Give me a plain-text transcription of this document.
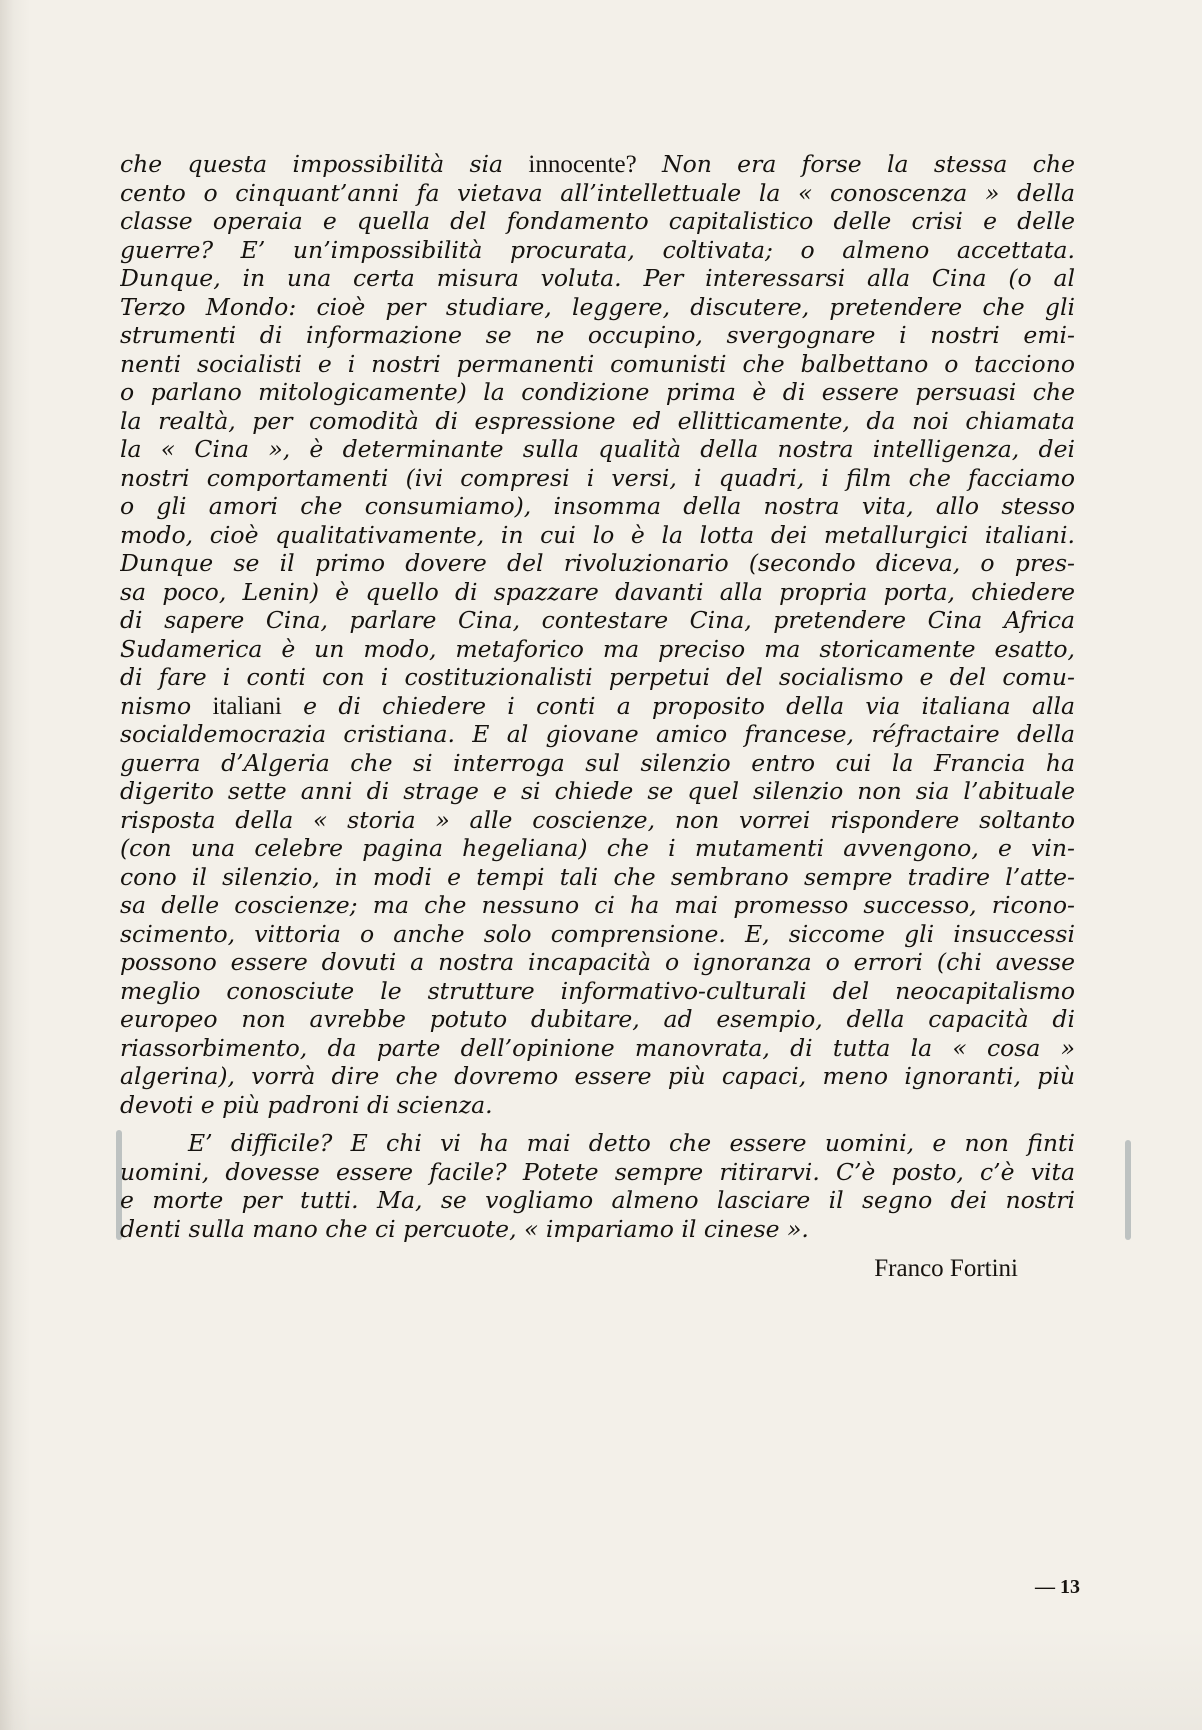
che questa impossibilità sia innocente? Non era forse la stessa che
cento o cinquant’anni fa vietava all’intellettuale la « conoscenza » della
classe operaia e quella del fondamento capitalistico delle crisi e delle
guerre? E’ un’impossibilità procurata, coltivata; o almeno accettata.
Dunque, in una certa misura voluta. Per interessarsi alla Cina (o al
Terzo Mondo: cioè per studiare, leggere, discutere, pretendere che gli
strumenti di informazione se ne occupino, svergognare i nostri emi-
nenti socialisti e i nostri permanenti comunisti che balbettano o tacciono
o parlano mitologicamente) la condizione prima è di essere persuasi che
la realtà, per comodità di espressione ed ellitticamente, da noi chiamata
la « Cina », è determinante sulla qualità della nostra intelligenza, dei
nostri comportamenti (ivi compresi i versi, i quadri, i film che facciamo
o gli amori che consumiamo), insomma della nostra vita, allo stesso
modo, cioè qualitativamente, in cui lo è la lotta dei metallurgici italiani.
Dunque se il primo dovere del rivoluzionario (secondo diceva, o pres-
sa poco, Lenin) è quello di spazzare davanti alla propria porta, chiedere
di sapere Cina, parlare Cina, contestare Cina, pretendere Cina Africa
Sudamerica è un modo, metaforico ma preciso ma storicamente esatto,
di fare i conti con i costituzionalisti perpetui del socialismo e del comu-
nismo italiani e di chiedere i conti a proposito della via italiana alla
socialdemocrazia cristiana. E al giovane amico francese, réfractaire della
guerra d’Algeria che si interroga sul silenzio entro cui la Francia ha
digerito sette anni di strage e si chiede se quel silenzio non sia l’abituale
risposta della « storia » alle coscienze, non vorrei rispondere soltanto
(con una celebre pagina hegeliana) che i mutamenti avvengono, e vin-
cono il silenzio, in modi e tempi tali che sembrano sempre tradire l’atte-
sa delle coscienze; ma che nessuno ci ha mai promesso successo, ricono-
scimento, vittoria o anche solo comprensione. E, siccome gli insuccessi
possono essere dovuti a nostra incapacità o ignoranza o errori (chi avesse
meglio conosciute le strutture informativo-culturali del neocapitalismo
europeo non avrebbe potuto dubitare, ad esempio, della capacità di
riassorbimento, da parte dell’opinione manovrata, di tutta la « cosa »
algerina), vorrà dire che dovremo essere più capaci, meno ignoranti, più
devoti e più padroni di scienza.
E’ difficile? E chi vi ha mai detto che essere uomini, e non finti
uomini, dovesse essere facile? Potete sempre ritirarvi. C’è posto, c’è vita
e morte per tutti. Ma, se vogliamo almeno lasciare il segno dei nostri
denti sulla mano che ci percuote, « impariamo il cinese ».
Franco Fortini
— 13
